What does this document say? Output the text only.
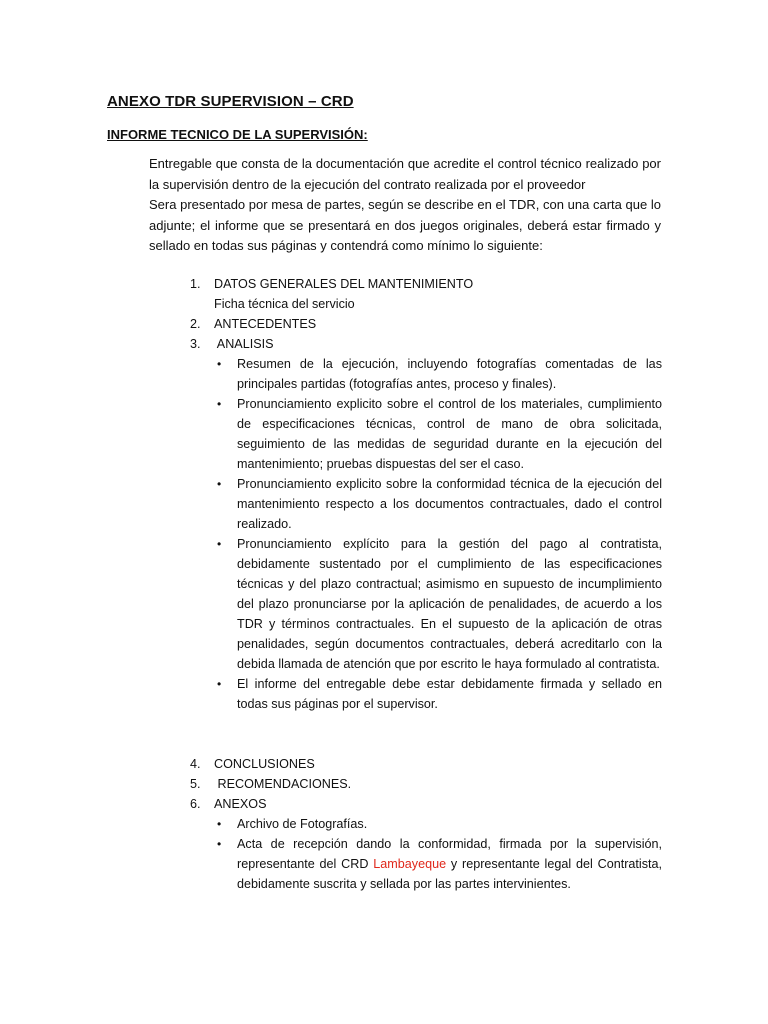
ANEXO TDR SUPERVISION – CRD
INFORME TECNICO DE LA SUPERVISIÓN:

Entregable que consta de la documentación que acredite el control técnico realizado por la supervisión dentro de la ejecución del contrato realizada por el proveedor

Sera presentado por mesa de partes, según se describe en el TDR, con una carta que lo adjunte; el informe que se presentará en dos juegos originales, deberá estar firmado y sellado en todas sus páginas y contendrá como mínimo lo siguiente:

1. DATOS GENERALES DEL MANTENIMIENTO
Ficha técnica del servicio
2. ANTECEDENTES
3. ANALISIS
• Resumen de la ejecución, incluyendo fotografías comentadas de las principales partidas (fotografías antes, proceso y finales).
• Pronunciamiento explicito sobre el control de los materiales, cumplimiento de especificaciones técnicas, control de mano de obra solicitada, seguimiento de las medidas de seguridad durante en la ejecución del mantenimiento; pruebas dispuestas del ser el caso.
• Pronunciamiento explicito sobre la conformidad técnica de la ejecución del mantenimiento respecto a los documentos contractuales, dado el control realizado.
• Pronunciamiento explícito para la gestión del pago al contratista, debidamente sustentado por el cumplimiento de las especificaciones técnicas y del plazo contractual; asimismo en supuesto de incumplimiento del plazo pronunciarse por la aplicación de penalidades, de acuerdo a los TDR y términos contractuales. En el supuesto de la aplicación de otras penalidades, según documentos contractuales, deberá acreditarlo con la debida llamada de atención que por escrito le haya formulado al contratista.
• El informe del entregable debe estar debidamente firmada y sellado en todas sus páginas por el supervisor.
4. CONCLUSIONES
5. RECOMENDACIONES.
6. ANEXOS
• Archivo de Fotografías.
• Acta de recepción dando la conformidad, firmada por la supervisión, representante del CRD Lambayeque y representante legal del Contratista, debidamente suscrita y sellada por las partes intervinientes.
